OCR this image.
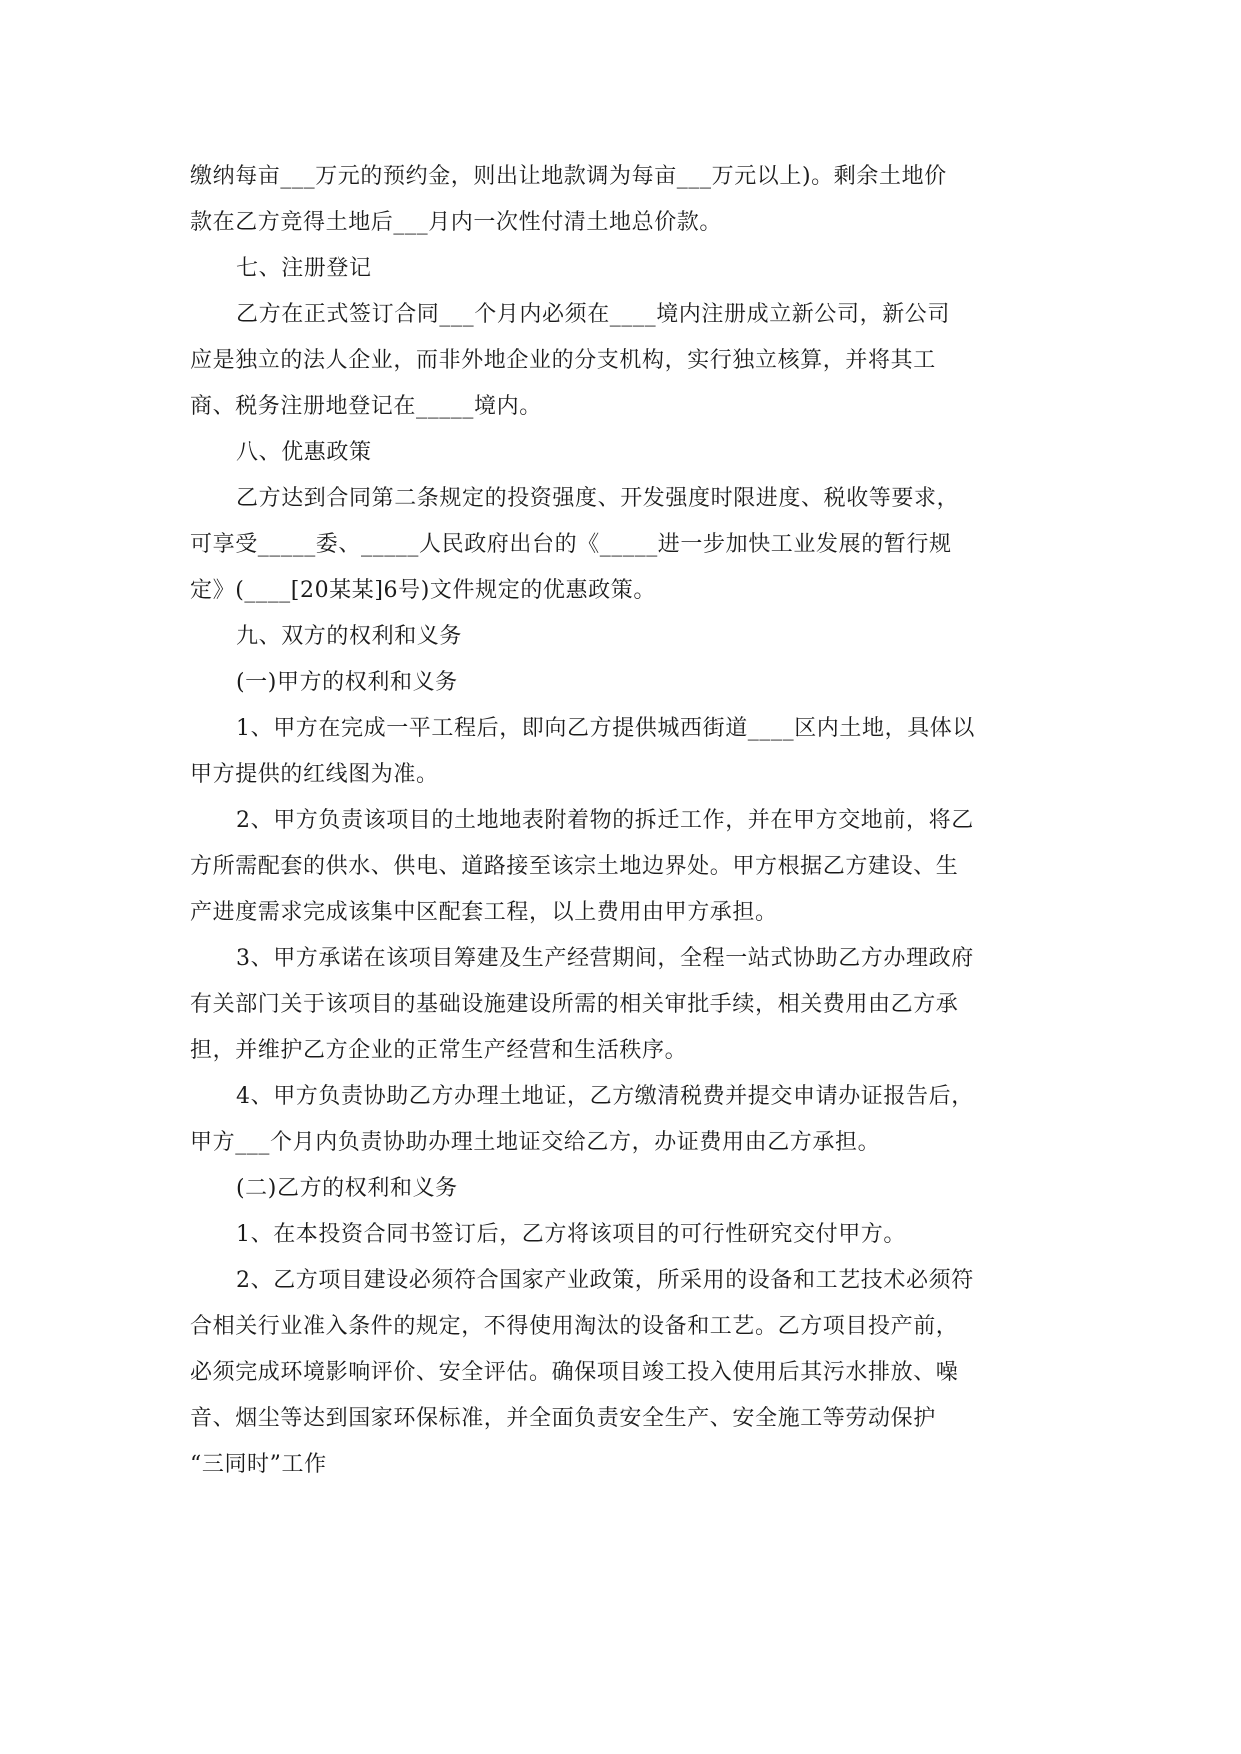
缴纳每亩___万元的预约金，则出让地款调为每亩___万元以上)。剩余土地价
款在乙方竞得土地后___月内一次性付清土地总价款。
七、注册登记
乙方在正式签订合同___个月内必须在____境内注册成立新公司，新公司
应是独立的法人企业，而非外地企业的分支机构，实行独立核算，并将其工
商、税务注册地登记在_____境内。
八、优惠政策
乙方达到合同第二条规定的投资强度、开发强度时限进度、税收等要求，
可享受_____委、_____人民政府出台的《_____进一步加快工业发展的暂行规
定》(____[20某某]6号)文件规定的优惠政策。
九、双方的权利和义务
(一)甲方的权利和义务
1、甲方在完成一平工程后，即向乙方提供城西街道____区内土地，具体以
甲方提供的红线图为准。
2、甲方负责该项目的土地地表附着物的拆迁工作，并在甲方交地前，将乙
方所需配套的供水、供电、道路接至该宗土地边界处。甲方根据乙方建设、生
产进度需求完成该集中区配套工程，以上费用由甲方承担。
3、甲方承诺在该项目筹建及生产经营期间，全程一站式协助乙方办理政府
有关部门关于该项目的基础设施建设所需的相关审批手续，相关费用由乙方承
担，并维护乙方企业的正常生产经营和生活秩序。
4、甲方负责协助乙方办理土地证，乙方缴清税费并提交申请办证报告后，
甲方___个月内负责协助办理土地证交给乙方，办证费用由乙方承担。
(二)乙方的权利和义务
1、在本投资合同书签订后，乙方将该项目的可行性研究交付甲方。
2、乙方项目建设必须符合国家产业政策，所采用的设备和工艺技术必须符
合相关行业准入条件的规定，不得使用淘汰的设备和工艺。乙方项目投产前，
必须完成环境影响评价、安全评估。确保项目竣工投入使用后其污水排放、噪
音、烟尘等达到国家环保标准，并全面负责安全生产、安全施工等劳动保护
“三同时”工作
